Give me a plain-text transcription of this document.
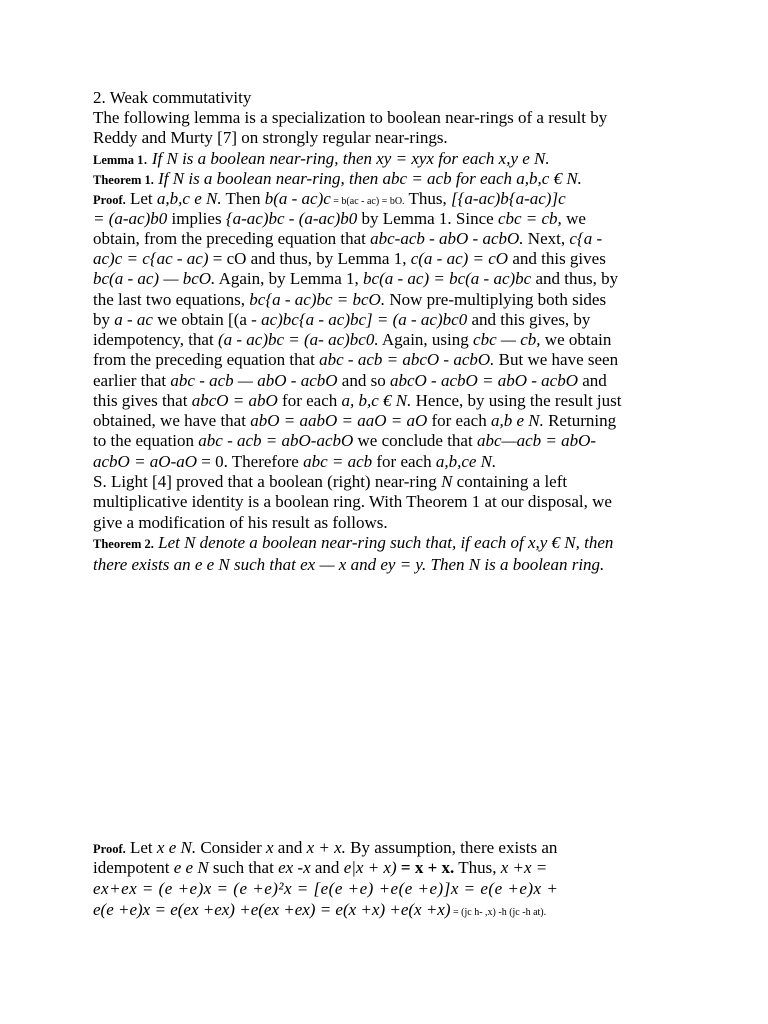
2. Weak commutativity
The following lemma is a specialization to boolean near-rings of a result by
Reddy and Murty [7] on strongly regular near-rings.
Lemma 1. If N is a boolean near-ring, then xy = xyx for each x,y e N.
Theorem 1. If N is a boolean near-ring, then abc = acb for each a,b,c € N.
Proof. Let a,b,c e N. Then b(a - ac)c = b(ac - ac) = bO. Thus, [{a-ac)b{a-ac)]c
= (a-ac)b0 implies {a-ac)bc - (a-ac)b0 by Lemma 1. Since cbc = cb, we
obtain, from the preceding equation that abc-acb - abO - acbO. Next, c{a -
ac)c = c{ac - ac) = cO and thus, by Lemma 1, c(a - ac) = cO and this gives
bc(a - ac) — bcO. Again, by Lemma 1, bc(a - ac) = bc(a - ac)bc and thus, by
the last two equations, bc{a - ac)bc = bcO. Now pre-multiplying both sides
by a - ac we obtain [(a - ac)bc{a - ac)bc] = (a - ac)bc0 and this gives, by
idempotency, that (a - ac)bc = (a- ac)bc0. Again, using cbc — cb, we obtain
from the preceding equation that abc - acb = abcO - acbO. But we have seen
earlier that abc - acb — abO - acbO and so abcO - acbO = abO - acbO and
this gives that abcO = abO for each a, b,c € N. Hence, by using the result just
obtained, we have that abO = aabO = aaO = aO for each a,b e N. Returning
to the equation abc - acb = abO-acbO we conclude that abc—acb = abO-
acbO = aO-aO = 0. Therefore abc = acb for each a,b,ce N.
S. Light [4] proved that a boolean (right) near-ring N containing a left
multiplicative identity is a boolean ring. With Theorem 1 at our disposal, we
give a modification of his result as follows.
Theorem 2. Let N denote a boolean near-ring such that, if each of x,y € N, then
there exists an e e N such that ex — x and ey = y. Then N is a boolean ring.
Proof. Let x e N. Consider x and x + x. By assumption, there exists an
idempotent e e N such that ex -x and e|x + x) = x + x. Thus, x +x =
ex+ex = (e +e)x = (e +e)²x = [e(e +e) +e(e +e)]x = e(e +e)x +
e(e +e)x = e(ex +ex) +e(ex +ex) = e(x +x) +e(x +x) = (jc h- ,x) -h (jc -h at).
